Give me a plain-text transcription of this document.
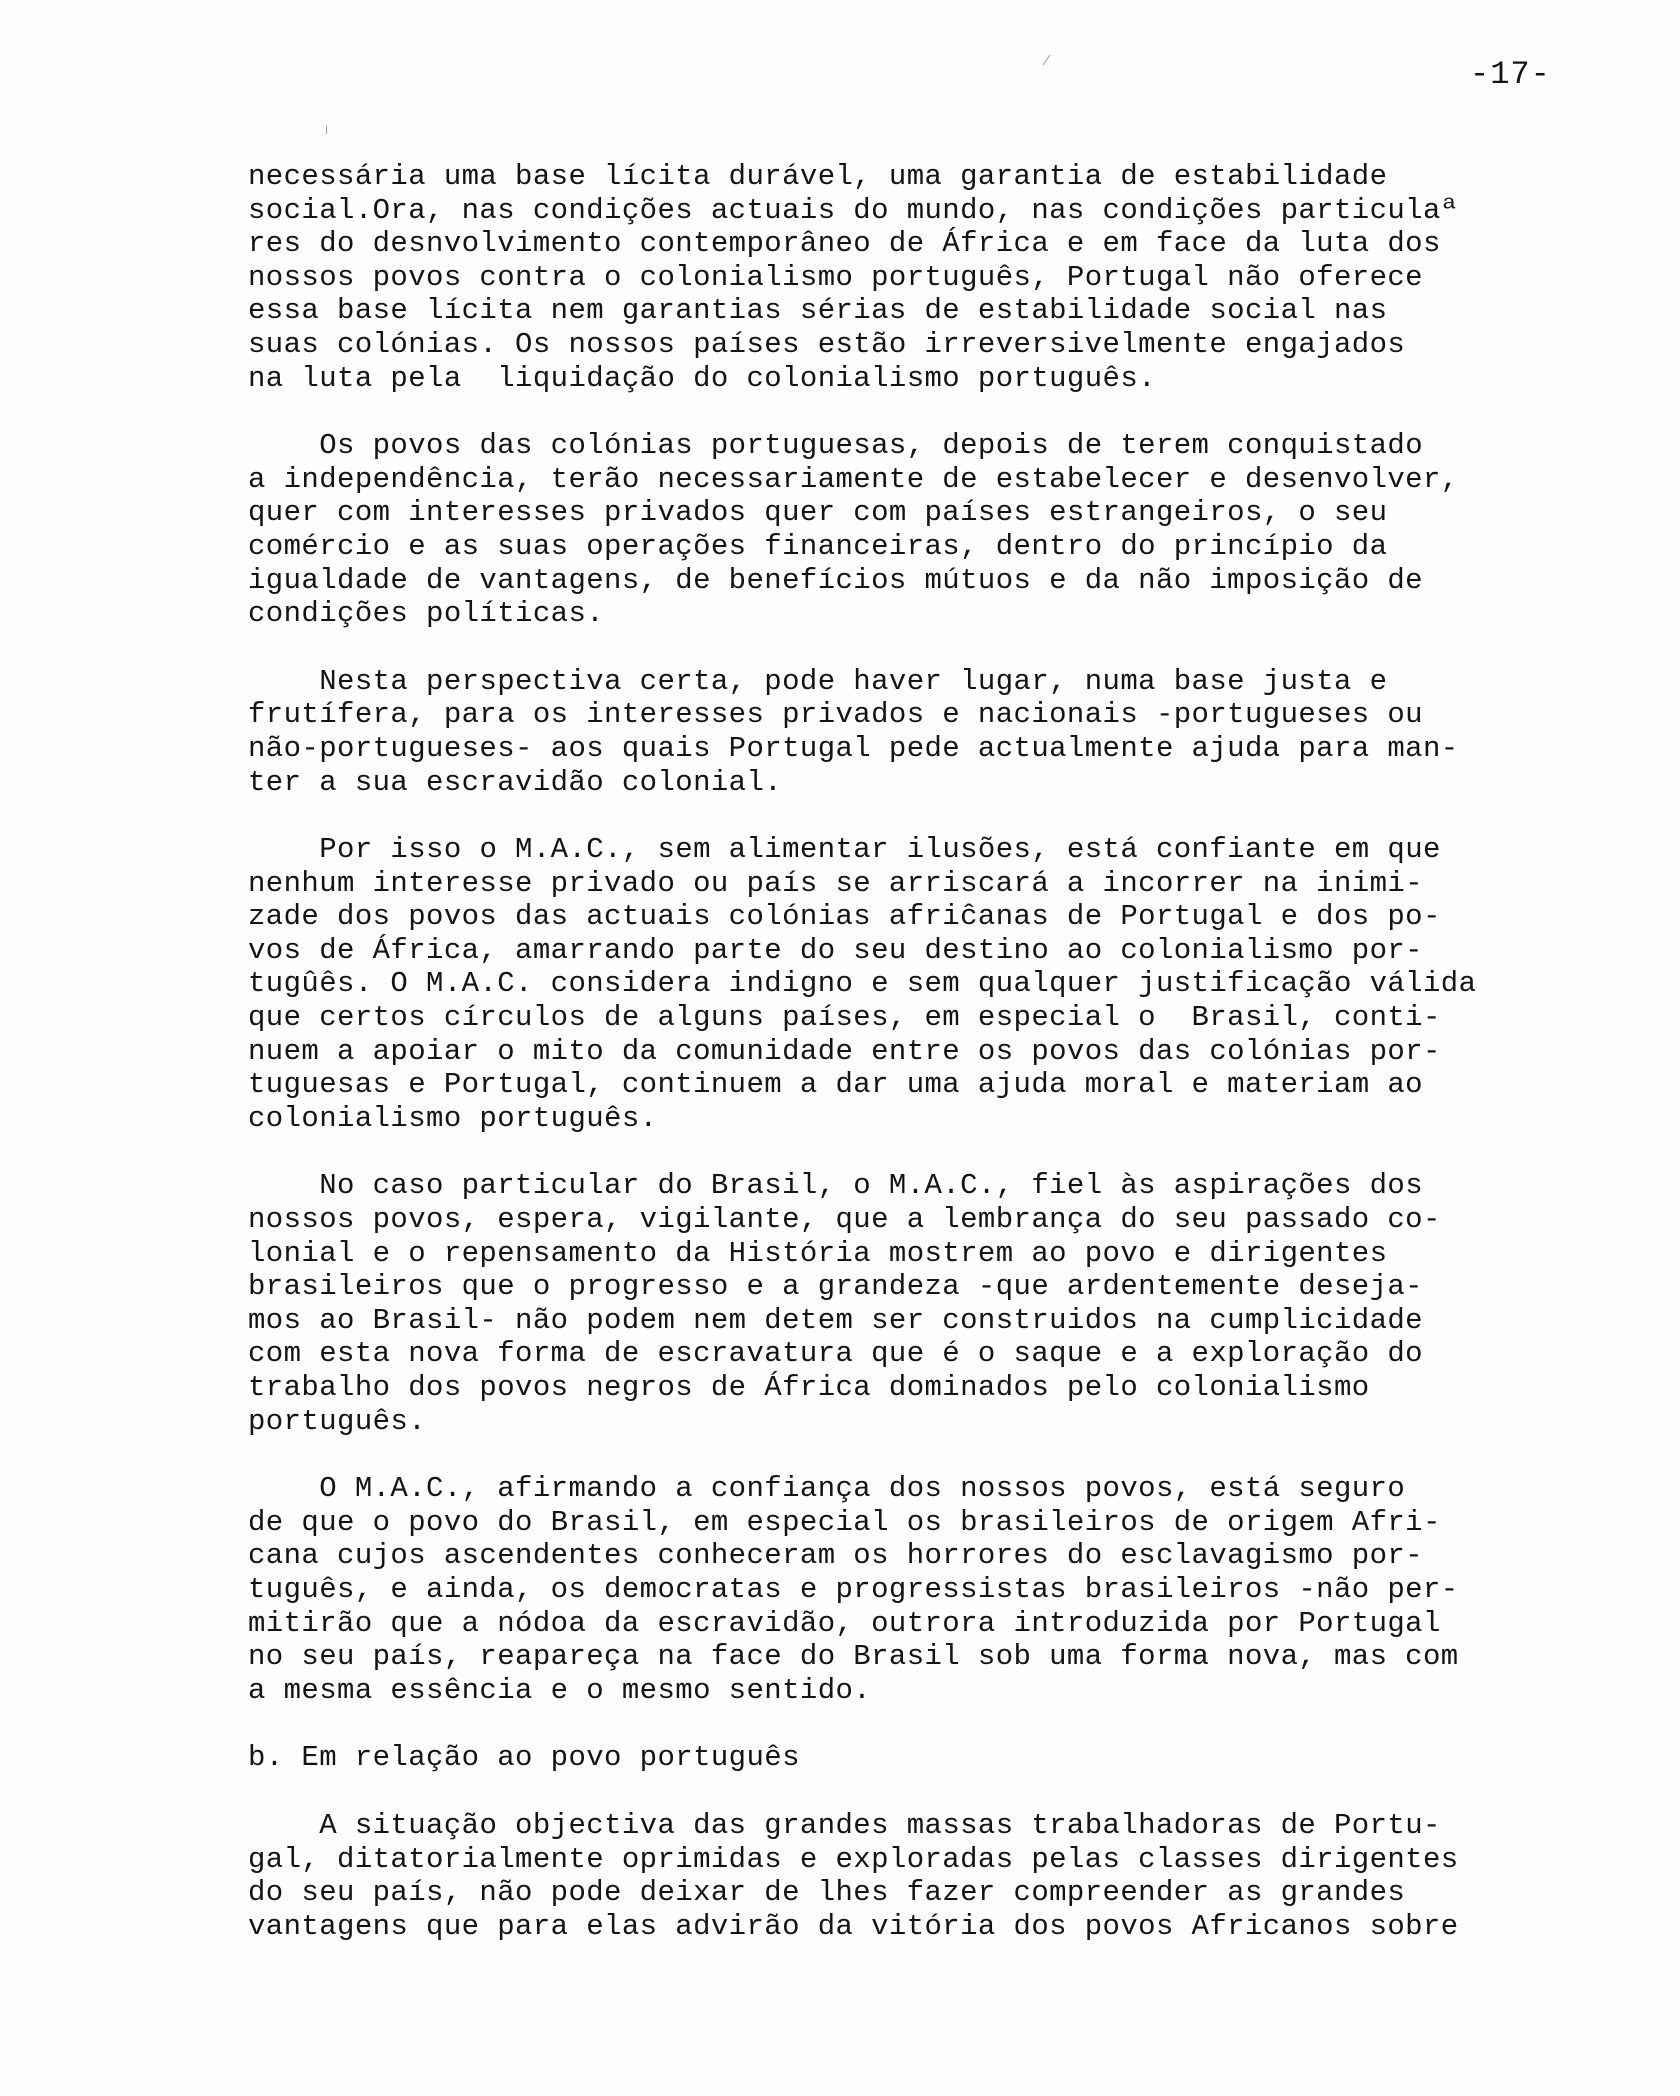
-17-
necessária uma base lícita durável, uma garantia de estabilidade
social.Ora, nas condições actuais do mundo, nas condições particulaª
res do desnvolvimento contemporâneo de África e em face da luta dos
nossos povos contra o colonialismo português, Portugal não oferece
essa base lícita nem garantias sérias de estabilidade social nas
suas colónias. Os nossos países estão irreversivelmente engajados
na luta pela  liquidação do colonialismo português.
Os povos das colónias portuguesas, depois de terem conquistado
a independência, terão necessariamente de estabelecer e desenvolver,
quer com interesses privados quer com países estrangeiros, o seu
comércio e as suas operações financeiras, dentro do princípio da
igualdade de vantagens, de benefícios mútuos e da não imposição de
condições políticas.
Nesta perspectiva certa, pode haver lugar, numa base justa e
frutífera, para os interesses privados e nacionais -portugueses ou
não-portugueses- aos quais Portugal pede actualmente ajuda para man-
ter a sua escravidão colonial.
Por isso o M.A.C., sem alimentar ilusões, está confiante em que
nenhum interesse privado ou país se arriscará a incorrer na inimi-
zade dos povos das actuais colónias afriĉanas de Portugal e dos po-
vos de África, amarrando parte do seu destino ao colonialismo por-
tugûês. O M.A.C. considera indigno e sem qualquer justificação válida
que certos círculos de alguns países, em especial o  Brasil, conti-
nuem a apoiar o mito da comunidade entre os povos das colónias por-
tuguesas e Portugal, continuem a dar uma ajuda moral e materiam ao
colonialismo português.
No caso particular do Brasil, o M.A.C., fiel às aspirações dos
nossos povos, espera, vigilante, que a lembrança do seu passado co-
lonial e o repensamento da História mostrem ao povo e dirigentes
brasileiros que o progresso e a grandeza -que ardentemente deseja-
mos ao Brasil- não podem nem detem ser construidos na cumplicidade
com esta nova forma de escravatura que é o saque e a exploração do
trabalho dos povos negros de África dominados pelo colonialismo
português.
O M.A.C., afirmando a confiança dos nossos povos, está seguro
de que o povo do Brasil, em especial os brasileiros de origem Afri-
cana cujos ascendentes conheceram os horrores do esclavagismo por-
tuguês, e ainda, os democratas e progressistas brasileiros -não per-
mitirão que a nódoa da escravidão, outrora introduzida por Portugal
no seu país, reapareça na face do Brasil sob uma forma nova, mas com
a mesma essência e o mesmo sentido.
b. Em relação ao povo português
A situação objectiva das grandes massas trabalhadoras de Portu-
gal, ditatorialmente oprimidas e exploradas pelas classes dirigentes
do seu país, não pode deixar de lhes fazer compreender as grandes
vantagens que para elas advirão da vitória dos povos Africanos sobre
